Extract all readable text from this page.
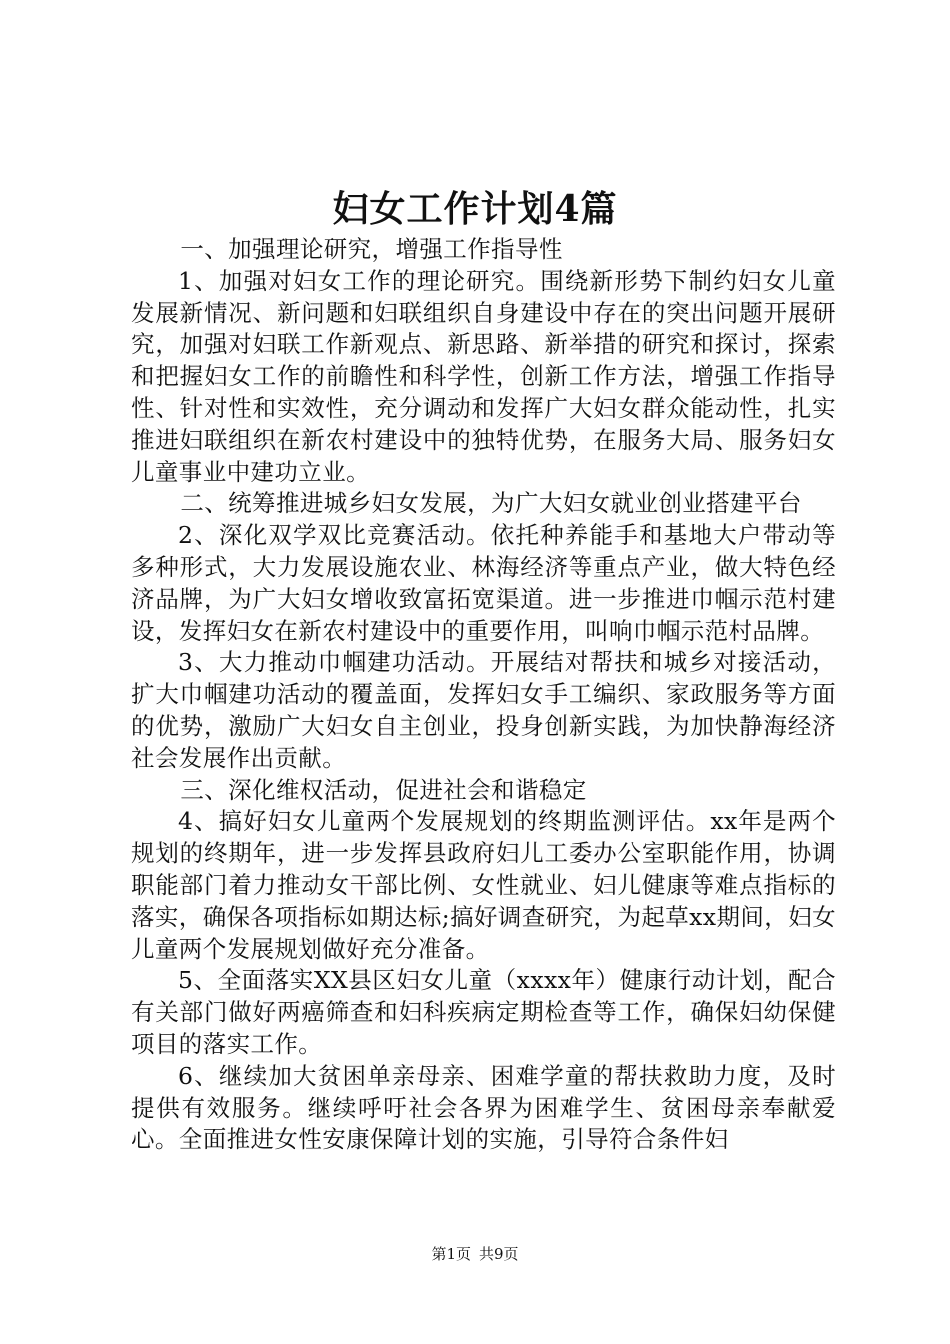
妇女工作计划4篇

一、加强理论研究，增强工作指导性

1、加强对妇女工作的理论研究。围绕新形势下制约妇女儿童发展新情况、新问题和妇联组织自身建设中存在的突出问题开展研究，加强对妇联工作新观点、新思路、新举措的研究和探讨，探索和把握妇女工作的前瞻性和科学性，创新工作方法，增强工作指导性、针对性和实效性，充分调动和发挥广大妇女群众能动性，扎实推进妇联组织在新农村建设中的独特优势，在服务大局、服务妇女儿童事业中建功立业。

二、统筹推进城乡妇女发展，为广大妇女就业创业搭建平台

2、深化双学双比竞赛活动。依托种养能手和基地大户带动等多种形式，大力发展设施农业、林海经济等重点产业，做大特色经济品牌，为广大妇女增收致富拓宽渠道。进一步推进巾帼示范村建设，发挥妇女在新农村建设中的重要作用，叫响巾帼示范村品牌。

3、大力推动巾帼建功活动。开展结对帮扶和城乡对接活动，扩大巾帼建功活动的覆盖面，发挥妇女手工编织、家政服务等方面的优势，激励广大妇女自主创业，投身创新实践，为加快静海经济社会发展作出贡献。

三、深化维权活动，促进社会和谐稳定

4、搞好妇女儿童两个发展规划的终期监测评估。xx年是两个规划的终期年，进一步发挥县政府妇儿工委办公室职能作用，协调职能部门着力推动女干部比例、女性就业、妇儿健康等难点指标的落实，确保各项指标如期达标;搞好调查研究，为起草xx期间，妇女儿童两个发展规划做好充分准备。

5、全面落实XX县区妇女儿童（xxxx年）健康行动计划，配合有关部门做好两癌筛查和妇科疾病定期检查等工作，确保妇幼保健项目的落实工作。

6、继续加大贫困单亲母亲、困难学童的帮扶救助力度，及时提供有效服务。继续呼吁社会各界为困难学生、贫困母亲奉献爱心。全面推进女性安康保障计划的实施，引导符合条件妇

第1页 共9页
